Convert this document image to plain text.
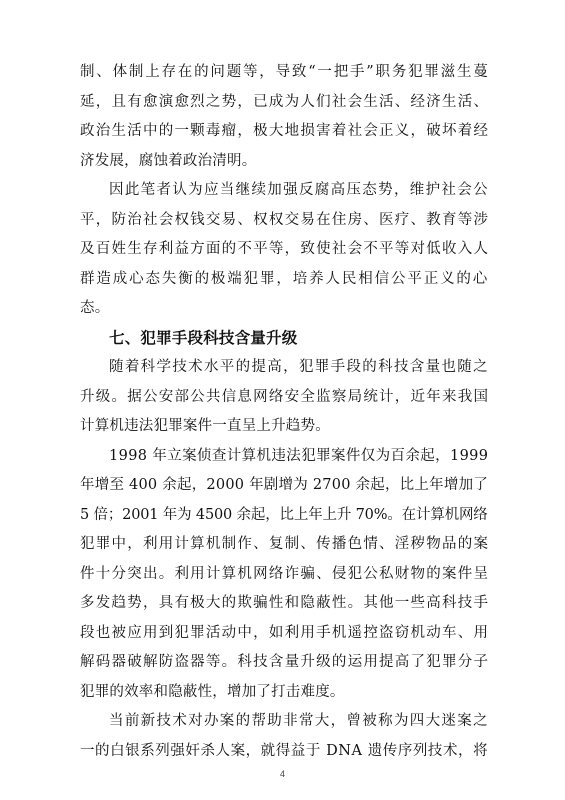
制、体制上存在的问题等，导致“一把手”职务犯罪滋生蔓
延，且有愈演愈烈之势，已成为人们社会生活、经济生活、
政治生活中的一颗毒瘤，极大地损害着社会正义，破坏着经
济发展，腐蚀着政治清明。
因此笔者认为应当继续加强反腐高压态势，维护社会公
平，防治社会权钱交易、权权交易在住房、医疗、教育等涉
及百姓生存利益方面的不平等，致使社会不平等对低收入人
群造成心态失衡的极端犯罪，培养人民相信公平正义的心
态。
七、犯罪手段科技含量升级
随着科学技术水平的提高，犯罪手段的科技含量也随之
升级。据公安部公共信息网络安全监察局统计，近年来我国
计算机违法犯罪案件一直呈上升趋势。
1998 年立案侦查计算机违法犯罪案件仅为百余起，1999
年增至 400 余起，2000 年剧增为 2700 余起，比上年增加了
5 倍；2001 年为 4500 余起，比上年上升 70%。在计算机网络
犯罪中，利用计算机制作、复制、传播色情、淫秽物品的案
件十分突出。利用计算机网络诈骗、侵犯公私财物的案件呈
多发趋势，具有极大的欺骗性和隐蔽性。其他一些高科技手
段也被应用到犯罪活动中，如利用手机遥控盗窃机动车、用
解码器破解防盗器等。科技含量升级的运用提高了犯罪分子
犯罪的效率和隐蔽性，增加了打击难度。
当前新技术对办案的帮助非常大，曾被称为四大迷案之
一的白银系列强奸杀人案，就得益于 DNA 遗传序列技术，将
4
